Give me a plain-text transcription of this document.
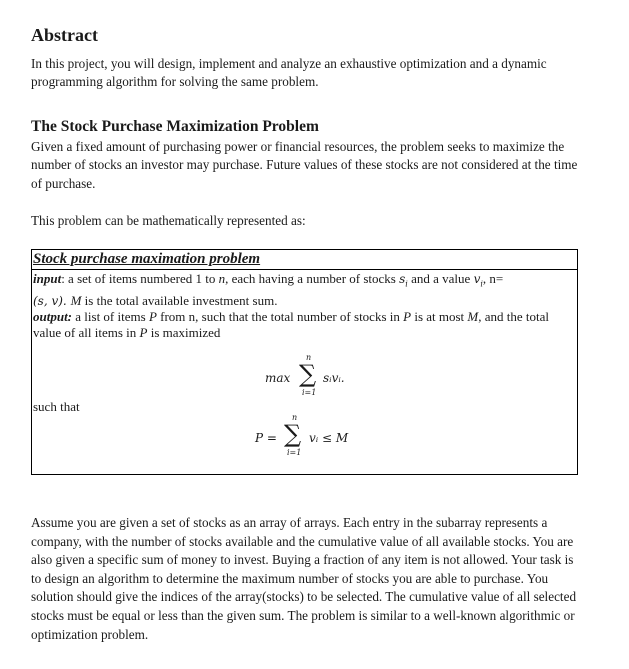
Abstract

In this project, you will design, implement and analyze an exhaustive optimization and a dynamic programming algorithm for solving the same problem.

The Stock Purchase Maximization Problem

Given a fixed amount of purchasing power or financial resources, the problem seeks to maximize the number of stocks an investor may purchase. Future values of these stocks are not considered at the time of purchase.

This problem can be mathematically represented as:

Stock purchase maximation problem
input: a set of items numbered 1 to n, each having a number of stocks $s_i$ and a value $v_i$, n=
(s, v). M is the total available investment sum.
output: a list of items P from n, such that the total number of stocks in P is at most M, and the total value of all items in P is maximized
max
n
∑
i=1
sᵢvᵢ.
such that
P =
n
∑
i=1
vᵢ ≤ M

Assume you are given a set of stocks as an array of arrays. Each entry in the subarray represents a company, with the number of stocks available and the cumulative value of all available stocks. You are also given a specific sum of money to invest. Buying a fraction of any item is not allowed. Your task is to design an algorithm to determine the maximum number of stocks you are able to purchase. You solution should give the indices of the array(stocks) to be selected. The cumulative value of all selected stocks must be equal or less than the given sum. The problem is similar to a well-known algorithmic or optimization problem.
